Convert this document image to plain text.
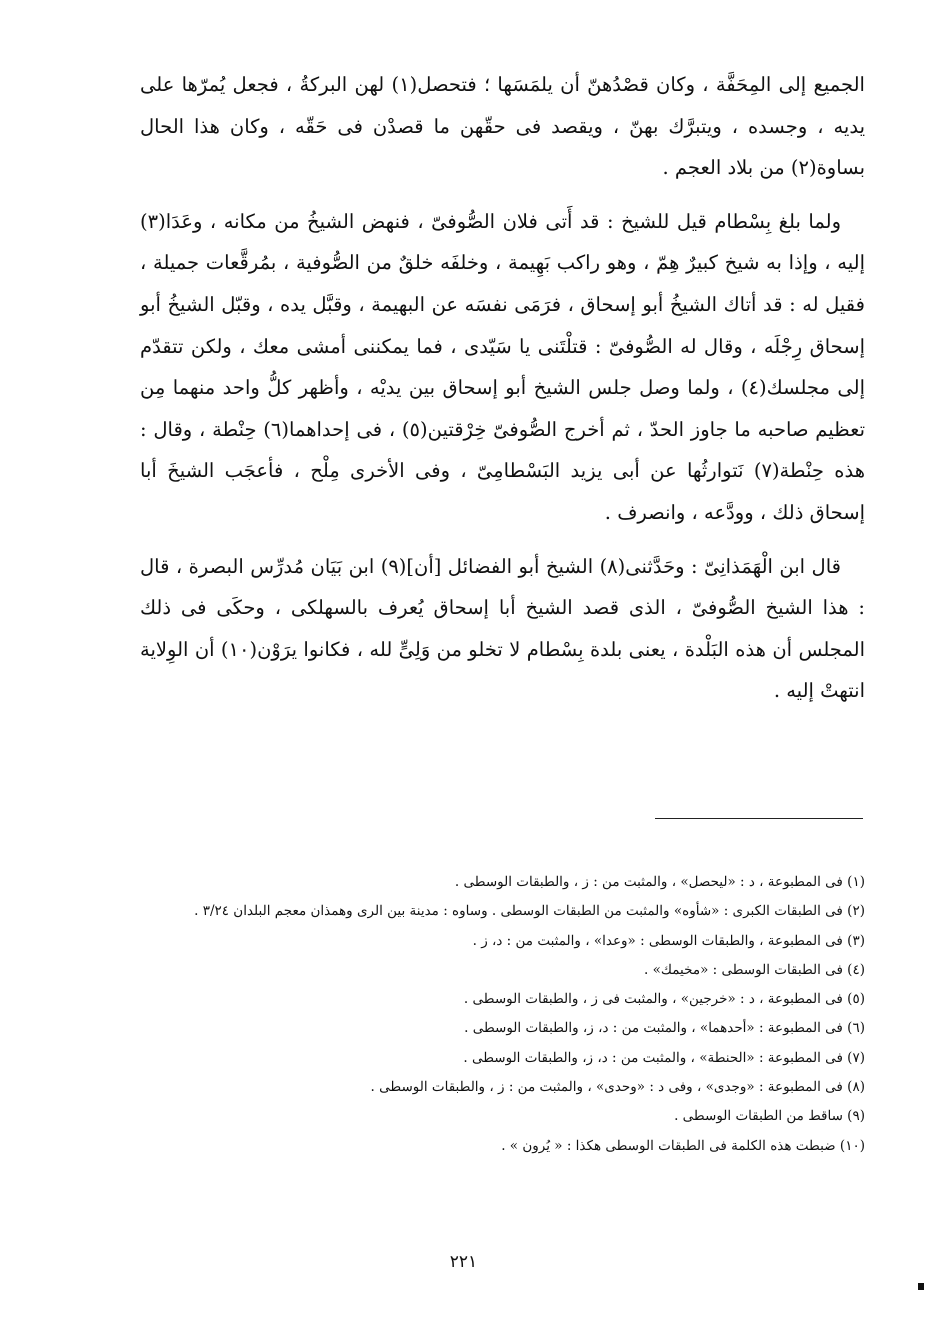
الجميع إلى المِحَفَّة ، وكان قصْدُهنّ أن يلمَسَها ؛ فتحصل(١) لهن البركةُ ، فجعل يُمرّها على يديه ، وجسده ، ويتبرَّك بهنّ ، ويقصد فى حقّهن ما قصدْن فى حَقّه ، وكان هذا الحال بساوة(٢) من بلاد العجم .

ولما بلغ بِسْطام قيل للشيخ : قد أَتى فلان الصُّوفىّ ، فنهض الشيخُ من مكانه ، وعَدَا(٣) إليه ، وإذا به شيخ كبيرٌ هِمّ ، وهو راكب بَهِيمة ، وخلفَه خلقٌ من الصُّوفية ، بمُرقَّعات جميلة ، فقيل له : قد أتاك الشيخُ أبو إسحاق ، فرَمَى نفسَه عن البهيمة ، وقبَّل يده ، وقبّل الشيخُ أبو إسحاق رِجْلَه ، وقال له الصُّوفىّ : قتلْتَنى يا سَيّدى ، فما يمكننى أمشى معك ، ولكن تتقدّم إلى مجلسك(٤) ، ولما وصل جلس الشيخ أبو إسحاق بين يديْه ، وأظهر كلُّ واحد منهما مِن تعظيم صاحبه ما جاوز الحدّ ، ثم أخرج الصُّوفىّ خِرْقتين(٥) ، فى إحداهما(٦) حِنْطة ، وقال : هذه حِنْطة(٧) نَتوارثُها عن أبى يزيد البَسْطامِىّ ، وفى الأخرى مِلْح ، فأعجَب الشيخَ أبا إسحاق ذلك ، وودَّعه ، وانصرف .

قال ابن الْهَمَذانِىّ : وحَدَّثنى(٨) الشيخ أبو الفضائل [أن](٩) ابن بَيَان مُدرِّس البصرة ، قال : هذا الشيخ الصُّوفىّ ، الذى قصد الشيخ أبا إسحاق يُعرف بالسهلكى ، وحكَى فى ذلك المجلس أن هذه البَلْدة ، يعنى بلدة بِسْطام لا تخلو من وَلِىٍّ لله ، فكانوا يرَوْن(١٠) أن الوِلاية انتهتْ إليه .

(١) فى المطبوعة ، د : «ليحصل» ، والمثبت من : ز ، والطبقات الوسطى .

(٢) فى الطبقات الكبرى : «شأوه» والمثبت من الطبقات الوسطى . وساوه : مدينة بين الرى وهمذان معجم البلدان ٣/٢٤ .

(٣) فى المطبوعة ، والطبقات الوسطى : «وعدا» ، والمثبت من : د، ز .

(٤) فى الطبقات الوسطى : «مخيمك» .

(٥) فى المطبوعة ، د : «خرجين» ، والمثبت فى ز ، والطبقات الوسطى .

(٦) فى المطبوعة : «أحدهما» ، والمثبت من : د، ز، والطبقات الوسطى .

(٧) فى المطبوعة : «الحنطة» ، والمثبت من : د، ز، والطبقات الوسطى .

(٨) فى المطبوعة : «وجدى» ، وفى د : «وحدى» ، والمثبت من : ز ، والطبقات الوسطى .

(٩) ساقط من الطبقات الوسطى .

(١٠) ضبطت هذه الكلمة فى الطبقات الوسطى هكذا : « يُرون » .

٢٢١
